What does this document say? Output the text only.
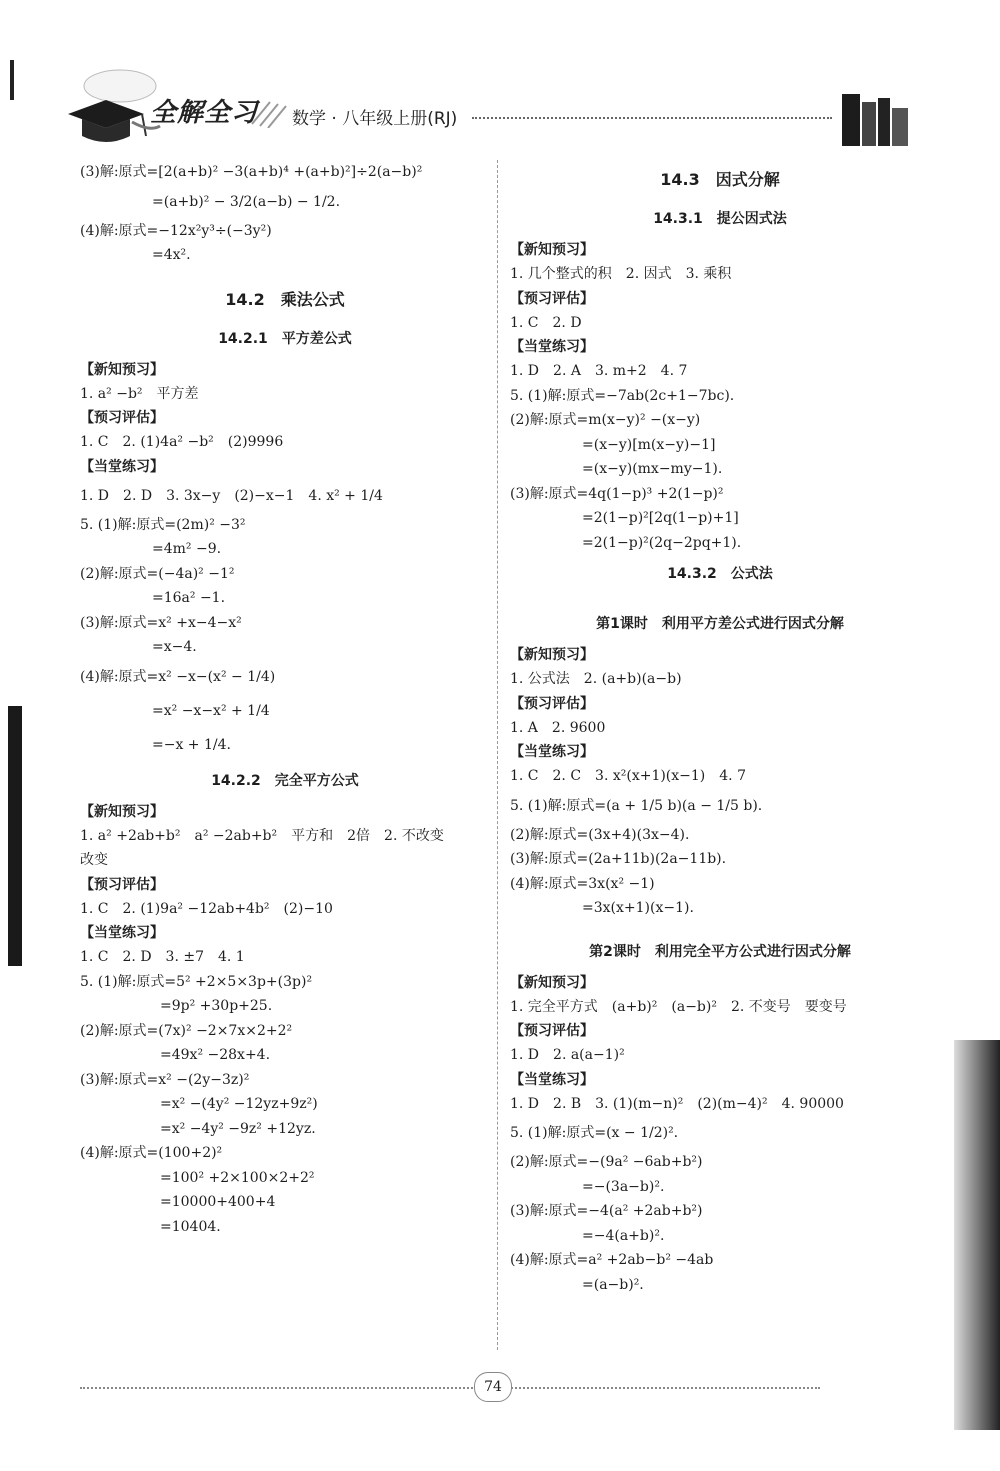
全解全习 数学 · 八年级上册(RJ)
(3)解:原式=[2(a+b)² −3(a+b)⁴ +(a+b)²]÷2(a−b)²
=(a+b)² − 3/2(a−b) − 1/2.
(4)解:原式=−12x²y³÷(−3y²)
=4x².
14.2　乘法公式
14.2.1　平方差公式
【新知预习】
1. a² −b²　平方差
【预习评估】
1. C　2. (1)4a² −b²　(2)9996
【当堂练习】
1. D　2. D　3. 3x−y　(2)−x−1　4. x² + 1/4
5. (1)解:原式=(2m)² −3²
=4m² −9.
(2)解:原式=(−4a)² −1²
=16a² −1.
(3)解:原式=x² +x−4−x²
=x−4.
(4)解:原式=x² −x−(x² − 1/4)
=x² −x−x² + 1/4
=−x + 1/4.
14.2.2　完全平方公式
【新知预习】
1. a² +2ab+b²　a² −2ab+b²　平方和　2倍　2. 不改变
改变
【预习评估】
1. C　2. (1)9a² −12ab+4b²　(2)−10
【当堂练习】
1. C　2. D　3. ±7　4. 1
5. (1)解:原式=5² +2×5×3p+(3p)²
=9p² +30p+25.
(2)解:原式=(7x)² −2×7x×2+2²
=49x² −28x+4.
(3)解:原式=x² −(2y−3z)²
=x² −(4y² −12yz+9z²)
=x² −4y² −9z² +12yz.
(4)解:原式=(100+2)²
=100² +2×100×2+2²
=10000+400+4
=10404.
14.3　因式分解
14.3.1　提公因式法
【新知预习】
1. 几个整式的积　2. 因式　3. 乘积
【预习评估】
1. C　2. D
【当堂练习】
1. D　2. A　3. m+2　4. 7
5. (1)解:原式=−7ab(2c+1−7bc).
(2)解:原式=m(x−y)² −(x−y)
=(x−y)[m(x−y)−1]
=(x−y)(mx−my−1).
(3)解:原式=4q(1−p)³ +2(1−p)²
=2(1−p)²[2q(1−p)+1]
=2(1−p)²(2q−2pq+1).
14.3.2　公式法
第1课时　利用平方差公式进行因式分解
【新知预习】
1. 公式法　2. (a+b)(a−b)
【预习评估】
1. A　2. 9600
【当堂练习】
1. C　2. C　3. x²(x+1)(x−1)　4. 7
5. (1)解:原式=(a + 1/5 b)(a − 1/5 b).
(2)解:原式=(3x+4)(3x−4).
(3)解:原式=(2a+11b)(2a−11b).
(4)解:原式=3x(x² −1)
=3x(x+1)(x−1).
第2课时　利用完全平方公式进行因式分解
【新知预习】
1. 完全平方式　(a+b)²　(a−b)²　2. 不变号　要变号
【预习评估】
1. D　2. a(a−1)²
【当堂练习】
1. D　2. B　3. (1)(m−n)²　(2)(m−4)²　4. 90000
5. (1)解:原式=(x − 1/2)².
(2)解:原式=−(9a² −6ab+b²)
=−(3a−b)².
(3)解:原式=−4(a² +2ab+b²)
=−4(a+b)².
(4)解:原式=a² +2ab−b² −4ab
=(a−b)².
74
